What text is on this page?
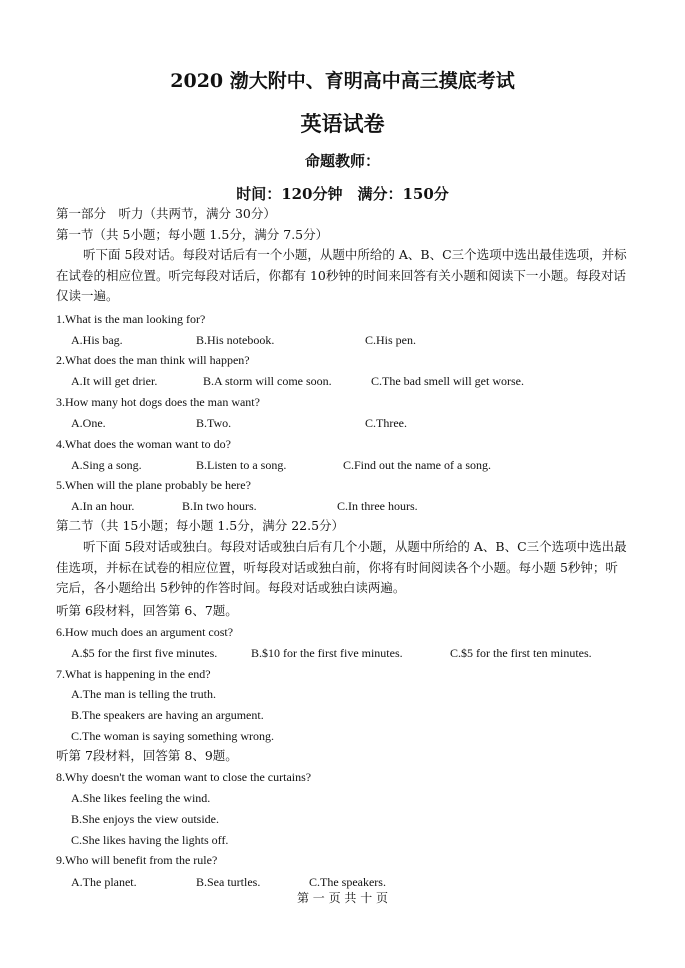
2020 渤大附中、育明高中高三摸底考试
英语试卷
命题教师：
时间：120分钟　满分：150分
第一部分　听力（共两节，满分 30分）
第一节（共 5小题；每小题 1.5分，满分 7.5分）
听下面 5段对话。每段对话后有一个小题，从题中所给的 A、B、C三个选项中选出最佳选项，并标在试卷的相应位置。听完每段对话后，你都有 10秒钟的时间来回答有关小题和阅读下一小题。每段对话仅读一遍。
1.What is the man looking for?
A.His bag.	B.His notebook.	C.His pen.
2.What does the man think will happen?
A.It will get drier.	B.A storm will come soon.	C.The bad smell will get worse.
3.How many hot dogs does the man want?
A.One.	B.Two.	C.Three.
4.What does the woman want to do?
A.Sing a song.	B.Listen to a song.	C.Find out the name of a song.
5.When will the plane probably be here?
A.In an hour.	B.In two hours.	C.In three hours.
第二节（共 15小题；每小题 1.5分，满分 22.5分）
听下面 5段对话或独白。每段对话或独白后有几个小题，从题中所给的 A、B、C三个选项中选出最佳选项，并标在试卷的相应位置，听每段对话或独白前，你将有时间阅读各个小题。每小题 5秒钟；听完后，各小题给出 5秒钟的作答时间。每段对话或独白读两遍。
听第 6段材料，回答第 6、7题。
6.How much does an argument cost?
A.$5 for the first five minutes.	B.$10 for the first five minutes.	C.$5 for the first ten minutes.
7.What is happening in the end?
A.The man is telling the truth.
B.The speakers are having an argument.
C.The woman is saying something wrong.
听第 7段材料，回答第 8、9题。
8.Why doesn't the woman want to close the curtains?
A.She likes feeling the wind.
B.She enjoys the view outside.
C.She likes having the lights off.
9.Who will benefit from the rule?
A.The planet.	B.Sea turtles.	C.The speakers.
第 一 页 共 十 页
